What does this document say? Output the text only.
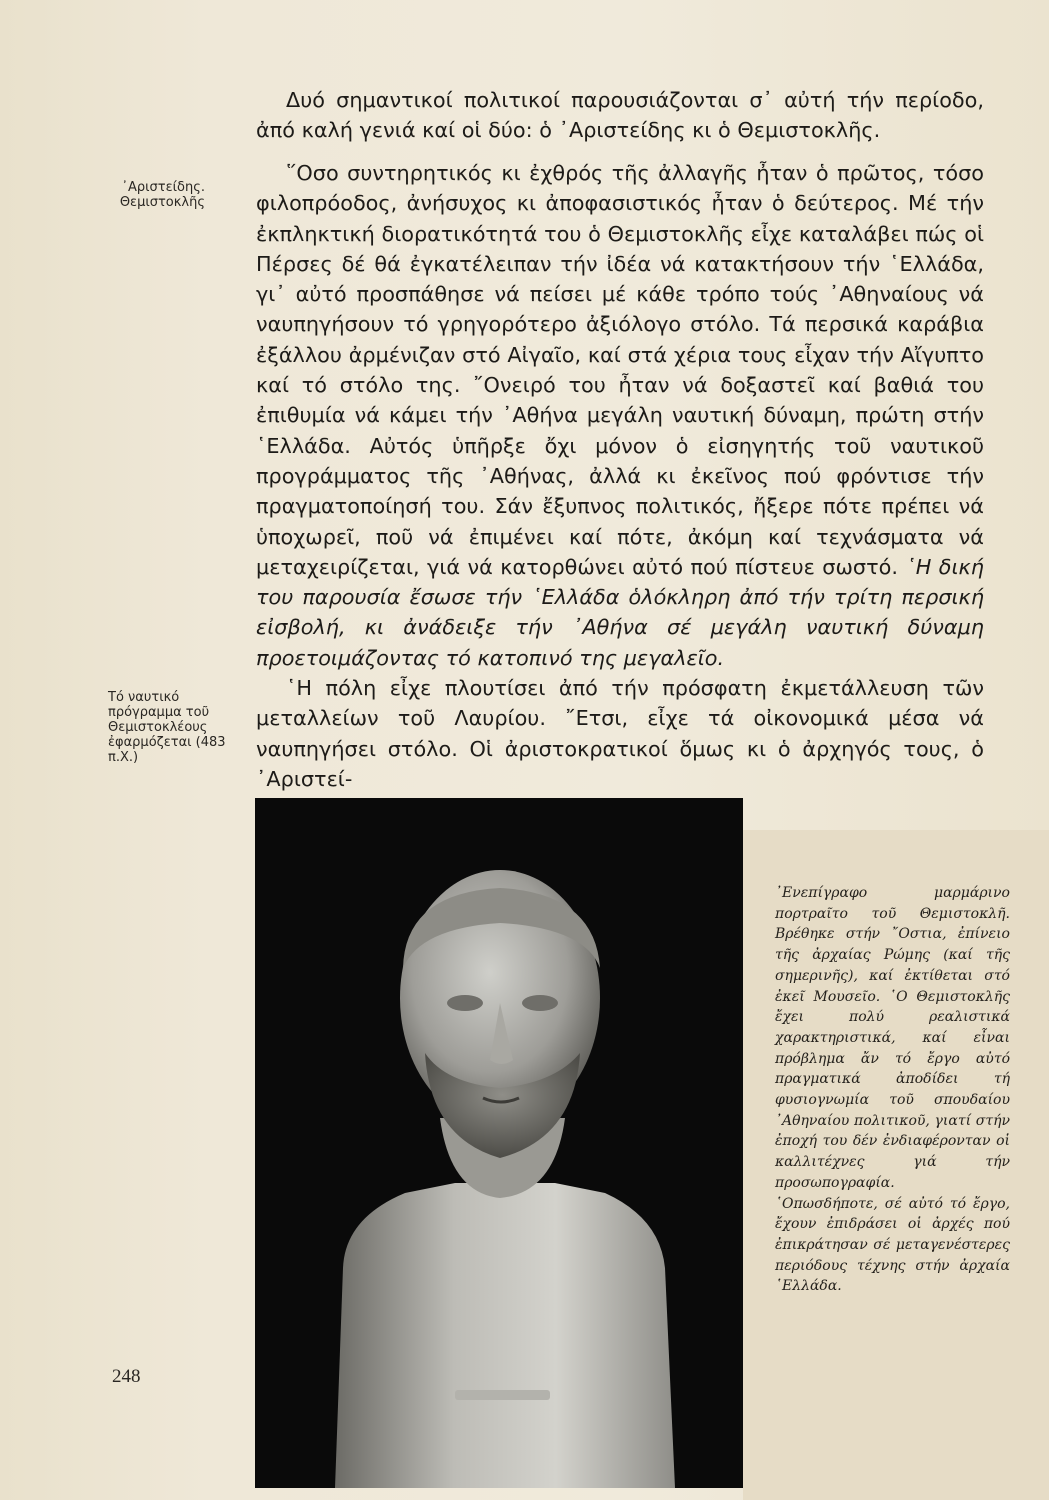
᾿Αριστείδης. Θεμιστοκλῆς
Τό ναυτικό πρόγραμμα τοῦ Θεμιστοκλέους ἐφαρμόζεται (483 π.Χ.)

Δυό σημαντικοί πολιτικοί παρουσιάζονται σ᾿ αὐτή τήν περίοδο, ἀπό καλή γενιά καί οἱ δύο: ὁ ᾿Αριστείδης κι ὁ Θεμιστοκλῆς.

῞Οσο συντηρητικός κι ἐχθρός τῆς ἀλλαγῆς ἦταν ὁ πρῶτος, τόσο φιλοπρόοδος, ἀνήσυχος κι ἀποφασιστικός ἦταν ὁ δεύτερος. Μέ τήν ἐκπληκτική διορατικότητά του ὁ Θεμιστοκλῆς εἶχε καταλάβει πώς οἱ Πέρσες δέ θά ἐγκατέλειπαν τήν ἰδέα νά κατακτήσουν τήν ῾Ελλάδα, γι᾿ αὐτό προσπάθησε νά πείσει μέ κάθε τρόπο τούς ᾿Αθηναίους νά ναυπηγήσουν τό γρηγορότερο ἀξιόλογο στόλο. Τά περσικά καράβια ἐξάλλου ἀρμένιζαν στό Αἰγαῖο, καί στά χέρια τους εἶχαν τήν Αἴγυπτο καί τό στόλο της. ῎Ονειρό του ἦταν νά δοξαστεῖ καί βαθιά του ἐπιθυμία νά κάμει τήν ᾿Αθήνα μεγάλη ναυτική δύναμη, πρώτη στήν ῾Ελλάδα. Αὐτός ὑπῆρξε ὄχι μόνον ὁ εἰσηγητής τοῦ ναυτικοῦ προγράμματος τῆς ᾿Αθήνας, ἀλλά κι ἐκεῖνος πού φρόντισε τήν πραγματοποίησή του. Σάν ἔξυπνος πολιτικός, ἤξερε πότε πρέπει νά ὑποχωρεῖ, ποῦ νά ἐπιμένει καί πότε, ἀκόμη καί τεχνάσματα νά μεταχειρίζεται, γιά νά κατορθώνει αὐτό πού πίστευε σωστό. ῾Η δική του παρουσία ἔσωσε τήν ῾Ελλάδα ὁλόκληρη ἀπό τήν τρίτη περσική εἰσβολή, κι ἀνάδειξε τήν ᾿Αθήνα σέ μεγάλη ναυτική δύναμη προετοιμάζοντας τό κατοπινό της μεγαλεῖο.

῾Η πόλη εἶχε πλουτίσει ἀπό τήν πρόσφατη ἐκμετάλλευση τῶν μεταλλείων τοῦ Λαυρίου. ῎Ετσι, εἶχε τά οἰκονομικά μέσα νά ναυπηγήσει στόλο. Οἱ ἀριστοκρατικοί ὅμως κι ὁ ἀρχηγός τους, ὁ ᾿Αριστεί-

᾿Ενεπίγραφο μαρμάρινο πορτραῖτο τοῦ Θεμιστοκλῆ. Βρέθηκε στήν ῎Οστια, ἐπίνειο τῆς ἀρχαίας Ρώμης (καί τῆς σημερινῆς), καί ἐκτίθεται στό ἐκεῖ Μουσεῖο. ῾Ο Θεμιστοκλῆς ἔχει πολύ ρεαλιστικά χαρακτηριστικά, καί εἶναι πρόβλημα ἄν τό ἔργο αὐτό πραγματικά ἀποδίδει τή φυσιογνωμία τοῦ σπουδαίου ᾿Αθηναίου πολιτικοῦ, γιατί στήν ἐποχή του δέν ἐνδιαφέρονταν οἱ καλλιτέχνες γιά τήν προσωπογραφία.

῾Οπωσδήποτε, σέ αὐτό τό ἔργο, ἔχουν ἐπιδράσει οἱ ἀρχές πού ἐπικράτησαν σέ μεταγενέστερες περιόδους τέχνης στήν ἀρχαία ῾Ελλάδα.

248
